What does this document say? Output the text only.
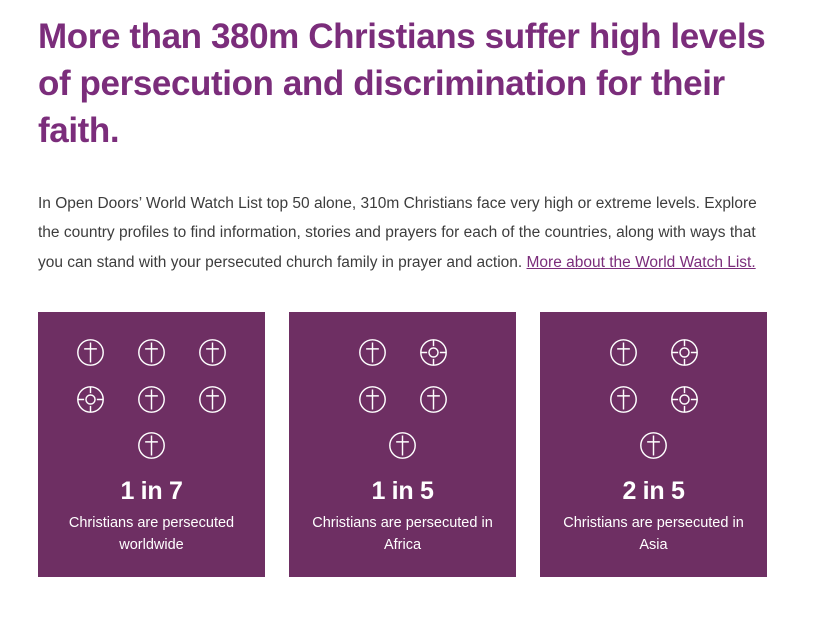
More than 380m Christians suffer high levels of persecution and discrimination for their faith.

In Open Doors’ World Watch List top 50 alone, 310m Christians face very high or extreme levels. Explore the country profiles to find information, stories and prayers for each of the countries, along with ways that you can stand with your persecuted church family in prayer and action. More about the World Watch List.

1 in 7
Christians are persecuted worldwide
1 in 5
Christians are persecuted in Africa
2 in 5
Christians are persecuted in Asia
